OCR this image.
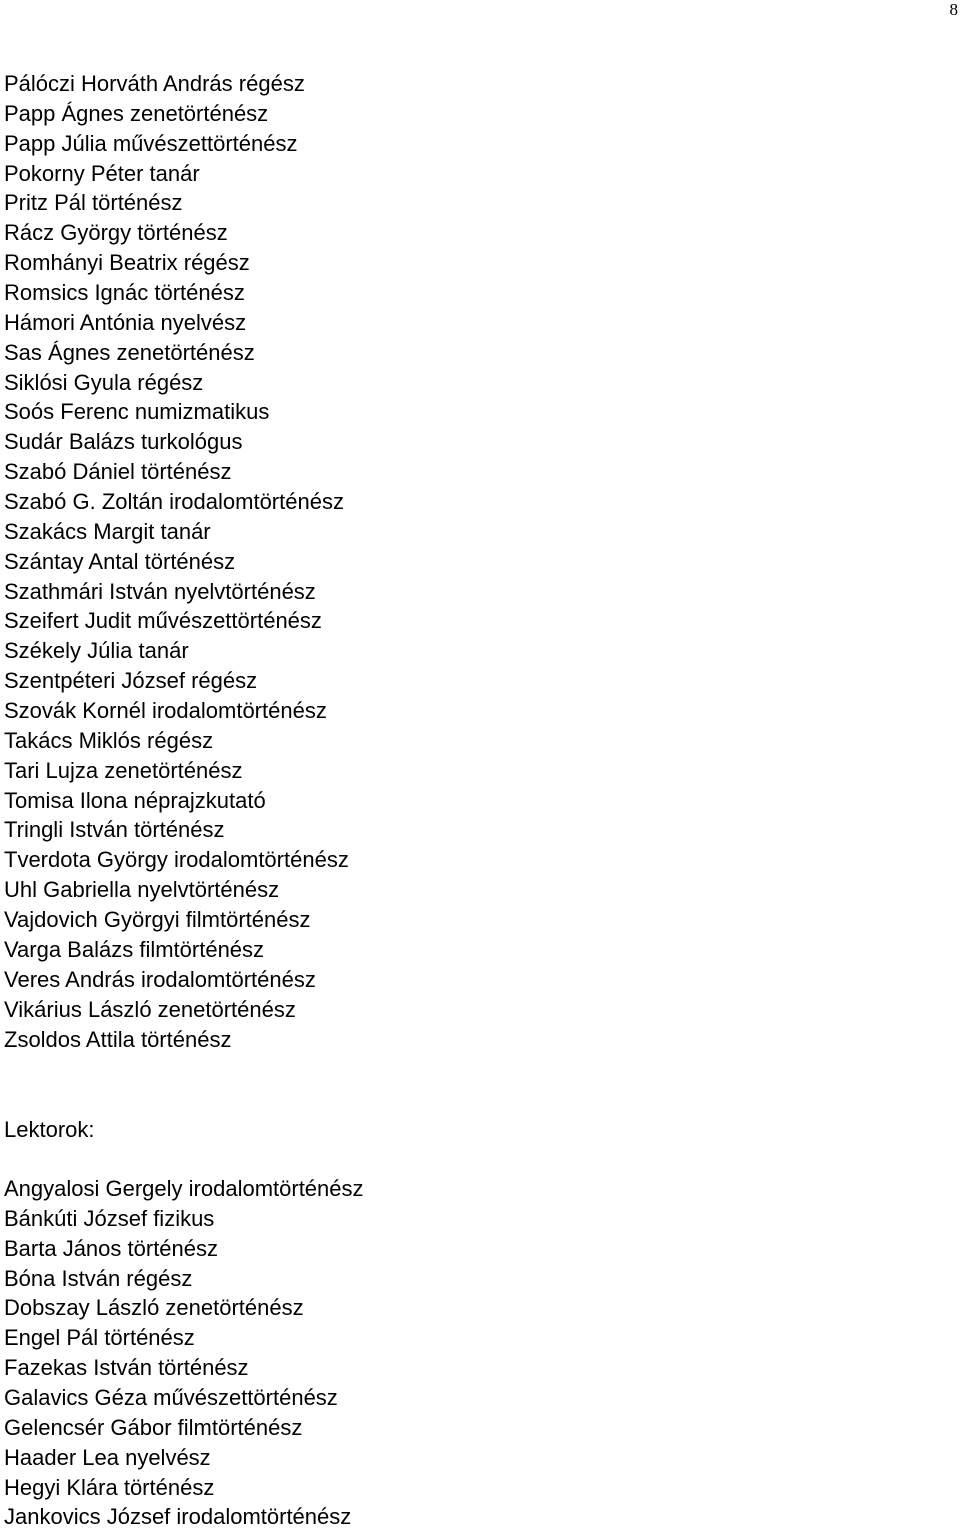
8
Pálóczi Horváth András régész
Papp Ágnes zenetörténész
Papp Júlia művészettörténész
Pokorny Péter tanár
Pritz Pál történész
Rácz György történész
Romhányi Beatrix régész
Romsics Ignác történész
Hámori Antónia nyelvész
Sas Ágnes zenetörténész
Siklósi Gyula régész
Soós Ferenc numizmatikus
Sudár Balázs turkológus
Szabó Dániel történész
Szabó G. Zoltán irodalomtörténész
Szakács Margit tanár
Szántay Antal történész
Szathmári István nyelvtörténész
Szeifert Judit művészettörténész
Székely Júlia tanár
Szentpéteri József régész
Szovák Kornél irodalomtörténész
Takács Miklós régész
Tari Lujza zenetörténész
Tomisa Ilona néprajzkutató
Tringli István történész
Tverdota György irodalomtörténész
Uhl Gabriella nyelvtörténész
Vajdovich Györgyi filmtörténész
Varga Balázs filmtörténész
Veres András irodalomtörténész
Vikárius László zenetörténész
Zsoldos Attila történész
Lektorok:
Angyalosi Gergely irodalomtörténész
Bánkúti József fizikus
Barta János történész
Bóna István régész
Dobszay László zenetörténész
Engel Pál történész
Fazekas István történész
Galavics Géza művészettörténész
Gelencsér Gábor filmtörténész
Haader Lea nyelvész
Hegyi Klára történész
Jankovics József irodalomtörténész
